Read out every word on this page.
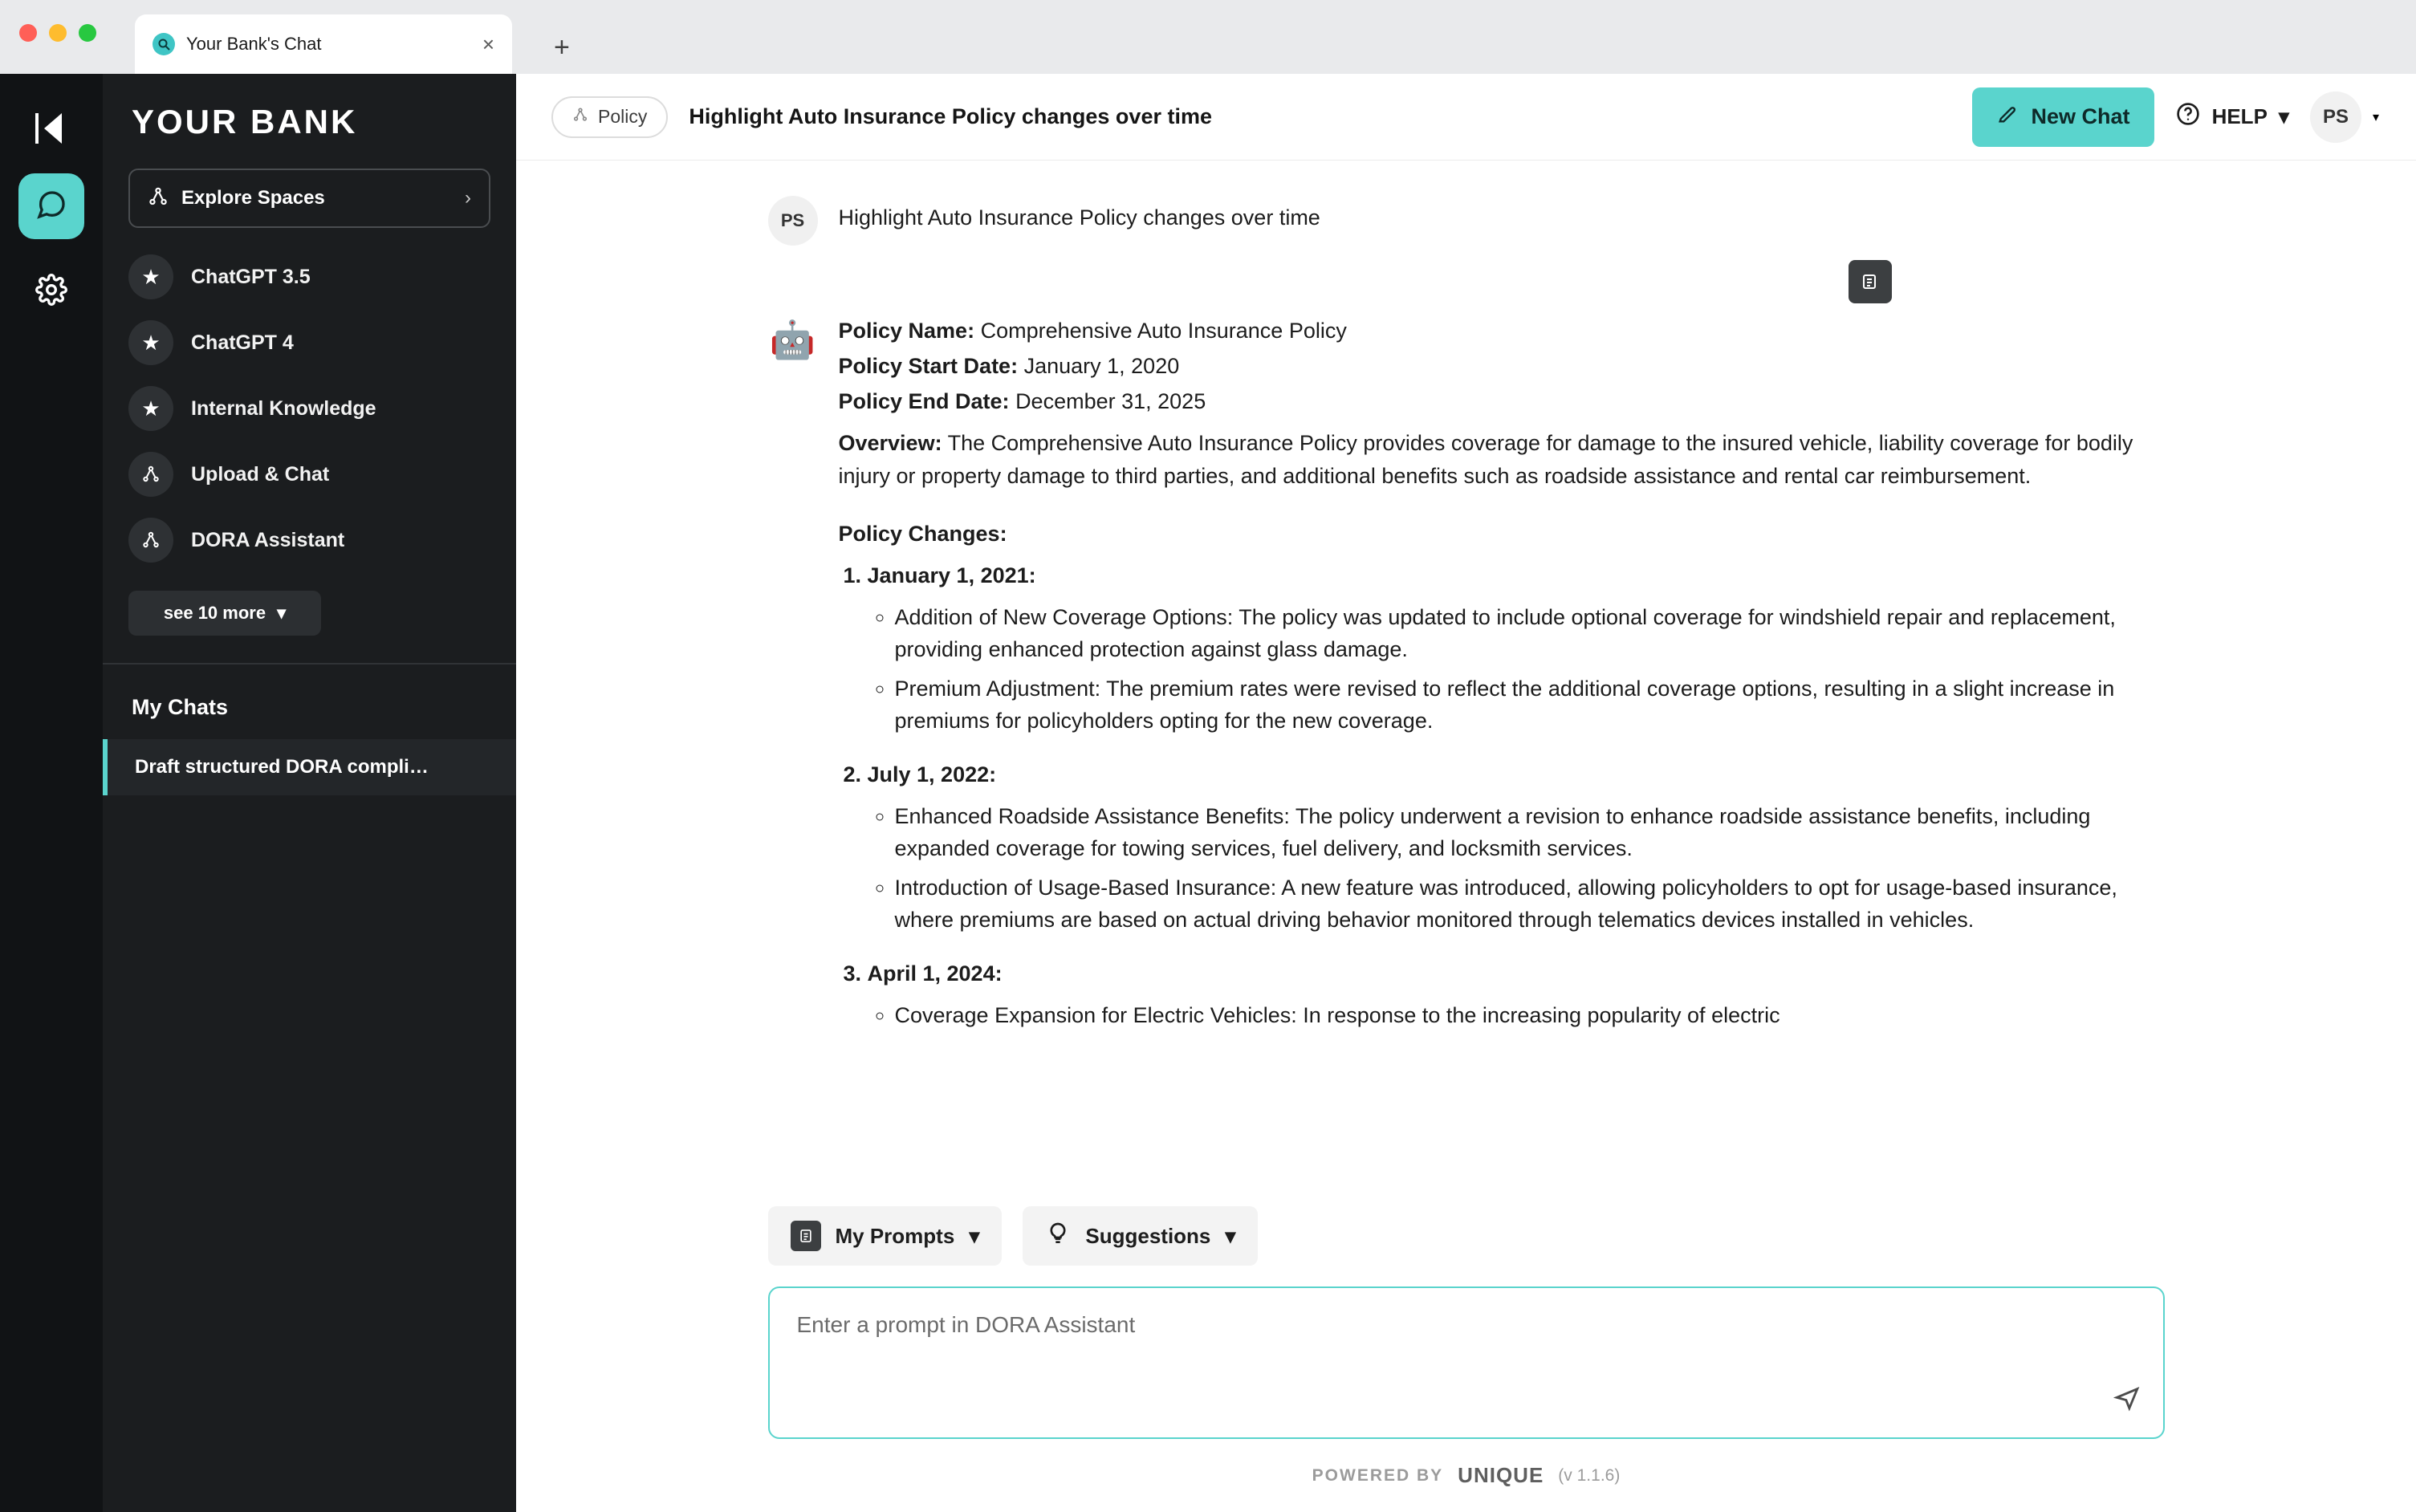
Your Bank's Chat	× +
YOUR BANK
Explore Spaces	›
★	ChatGPT 3.5
★	ChatGPT 4
★	Internal Knowledge
Upload & Chat
DORA Assistant
see 10 more ▾
My Chats
Draft structured DORA compli…
Policy Highlight Auto Insurance Policy changes over time	New Chat	HELP ▾	PS	▾
PS	Highlight Auto Insurance Policy changes over time
🤖 Policy Name: Comprehensive Auto Insurance Policy

Policy Start Date: January 1, 2020

Policy End Date: December 31, 2025

Overview: The Comprehensive Auto Insurance Policy provides coverage for damage to the insured vehicle, liability coverage for bodily injury or property damage to third parties, and additional benefits such as roadside assistance and rental car reimbursement.

Policy Changes:
1. January 1, 2021:
◦ Addition of New Coverage Options: The policy was updated to include optional coverage for windshield repair and replacement, providing enhanced protection against glass damage.
◦ Premium Adjustment: The premium rates were revised to reflect the additional coverage options, resulting in a slight increase in premiums for policyholders opting for the new coverage.
2. July 1, 2022:
◦ Enhanced Roadside Assistance Benefits: The policy underwent a revision to enhance roadside assistance benefits, including expanded coverage for towing services, fuel delivery, and locksmith services.
◦ Introduction of Usage-Based Insurance: A new feature was introduced, allowing policyholders to opt for usage-based insurance, where premiums are based on actual driving behavior monitored through telematics devices installed in vehicles.
3. April 1, 2024:
◦ Coverage Expansion for Electric Vehicles: In response to the increasing popularity of electric
My Prompts ▾	Suggestions ▾
Enter a prompt in DORA Assistant
POWERED BY UNIQUE (v 1.1.6)
